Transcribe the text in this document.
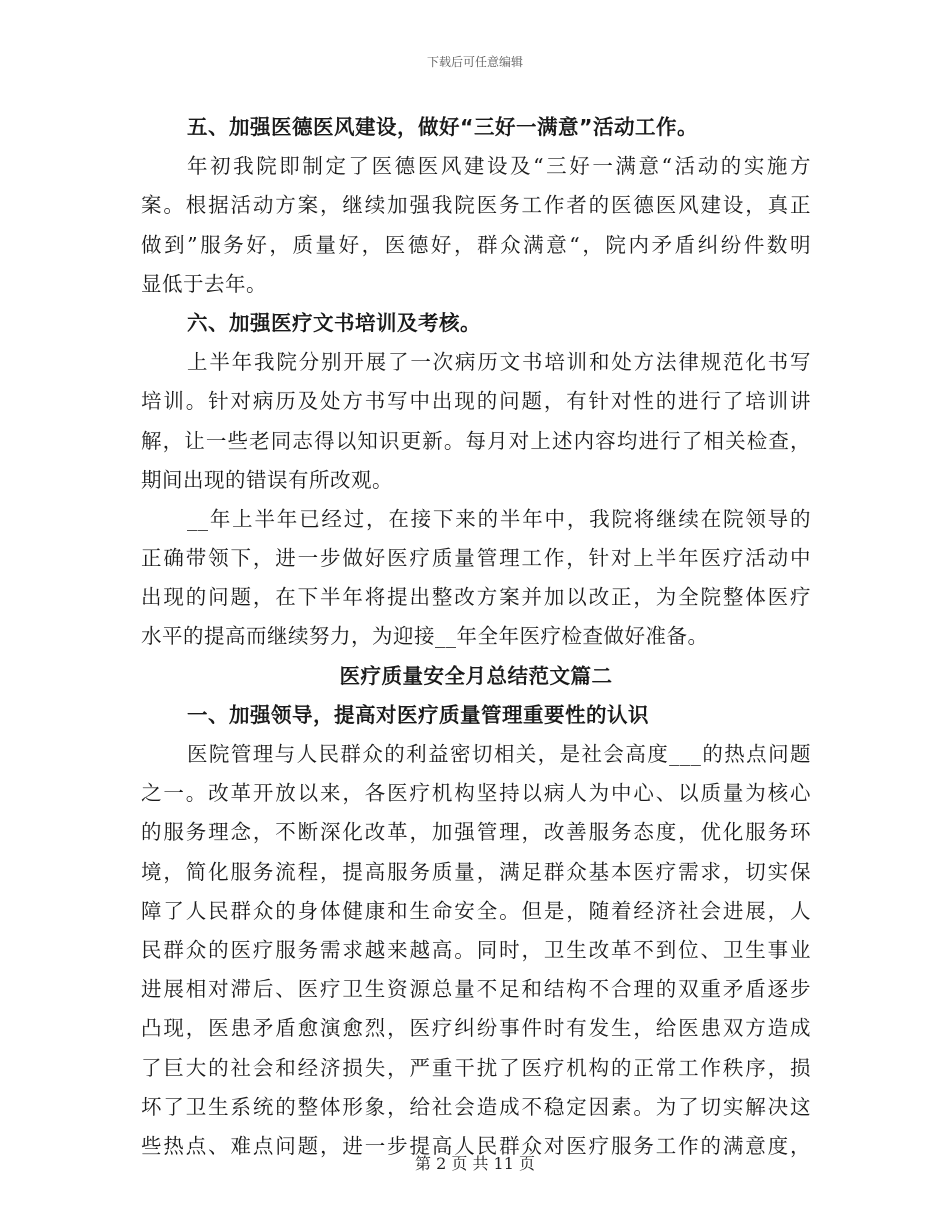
下载后可任意编辑
五、加强医德医风建设，做好“三好一满意”活动工作。
年初我院即制定了医德医风建设及“三好一满意“活动的实施方
案。根据活动方案，继续加强我院医务工作者的医德医风建设，真正
做到”服务好，质量好，医德好，群众满意“，院内矛盾纠纷件数明
显低于去年。
六、加强医疗文书培训及考核。
上半年我院分别开展了一次病历文书培训和处方法律规范化书写
培训。针对病历及处方书写中出现的问题，有针对性的进行了培训讲
解，让一些老同志得以知识更新。每月对上述内容均进行了相关检查，
期间出现的错误有所改观。
__年上半年已经过，在接下来的半年中，我院将继续在院领导的
正确带领下，进一步做好医疗质量管理工作，针对上半年医疗活动中
出现的问题，在下半年将提出整改方案并加以改正，为全院整体医疗
水平的提高而继续努力，为迎接__年全年医疗检查做好准备。
医疗质量安全月总结范文篇二
一、加强领导，提高对医疗质量管理重要性的认识
医院管理与人民群众的利益密切相关，是社会高度___的热点问题
之一。改革开放以来，各医疗机构坚持以病人为中心、以质量为核心
的服务理念，不断深化改革，加强管理，改善服务态度，优化服务环
境，简化服务流程，提高服务质量，满足群众基本医疗需求，切实保
障了人民群众的身体健康和生命安全。但是，随着经济社会进展，人
民群众的医疗服务需求越来越高。同时，卫生改革不到位、卫生事业
进展相对滞后、医疗卫生资源总量不足和结构不合理的双重矛盾逐步
凸现，医患矛盾愈演愈烈，医疗纠纷事件时有发生，给医患双方造成
了巨大的社会和经济损失，严重干扰了医疗机构的正常工作秩序，损
坏了卫生系统的整体形象，给社会造成不稳定因素。为了切实解决这
些热点、难点问题，进一步提高人民群众对医疗服务工作的满意度，
第 2 页 共 11 页
